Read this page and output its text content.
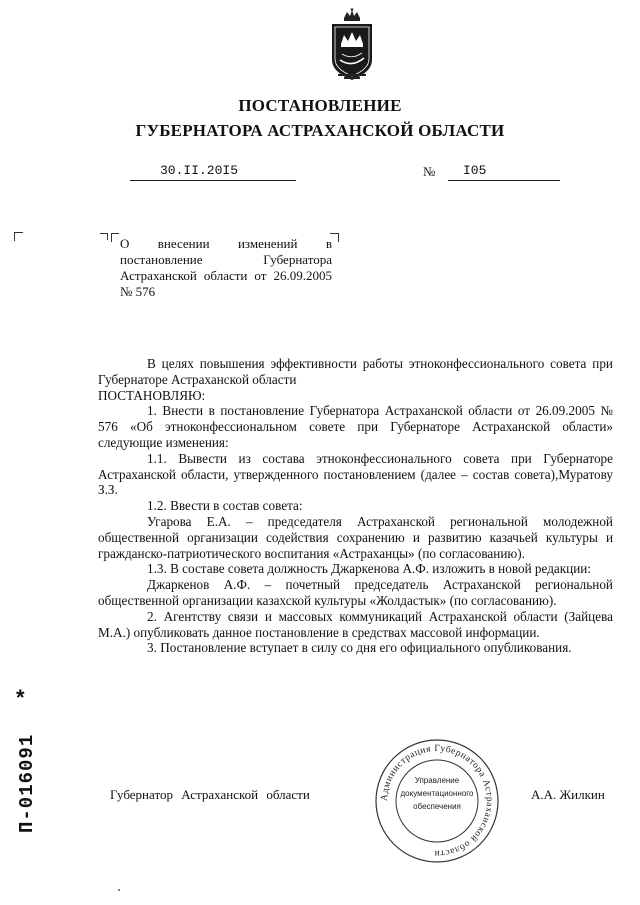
ПОСТАНОВЛЕНИЕ
ГУБЕРНАТОРА АСТРАХАНСКОЙ ОБЛАСТИ
30.II.20I5	№ I05
О внесении изменений в постановление Губернатора Астраханской области от 26.09.2005 № 576

В целях повышения эффективности работы этноконфессионального совета при Губернаторе Астраханской области

ПОСТАНОВЛЯЮ:

1. Внести в постановление Губернатора Астраханской области от 26.09.2005 № 576 «Об этноконфессиональном совете при Губернаторе Астраханской области» следующие изменения:

1.1. Вывести из состава этноконфессионального совета при Губернаторе Астраханской области, утвержденного постановлением (далее – состав совета),Муратову З.З.

1.2. Ввести в состав совета:

Угарова Е.А. – председателя Астраханской региональной молодежной общественной организации содействия сохранению и развитию казачьей культуры и гражданско-патриотического воспитания «Астраханцы» (по согласованию).

1.3. В составе совета должность Джаркенова А.Ф. изложить в новой редакции:

Джаркенов А.Ф. – почетный председатель Астраханской региональной общественной организации казахской культуры «Жолдастык» (по согласованию).

2. Агентству связи и массовых коммуникаций Астраханской области (Зайцева М.А.) опубликовать данное постановление в средствах массовой информации.

3. Постановление вступает в силу со дня его официального опубликования.

Губернатор Астраханской области	А.А. Жилкин
Администрация Губернатора Астраханской области
Управление
документационного
обеспечения
*
П-016091
